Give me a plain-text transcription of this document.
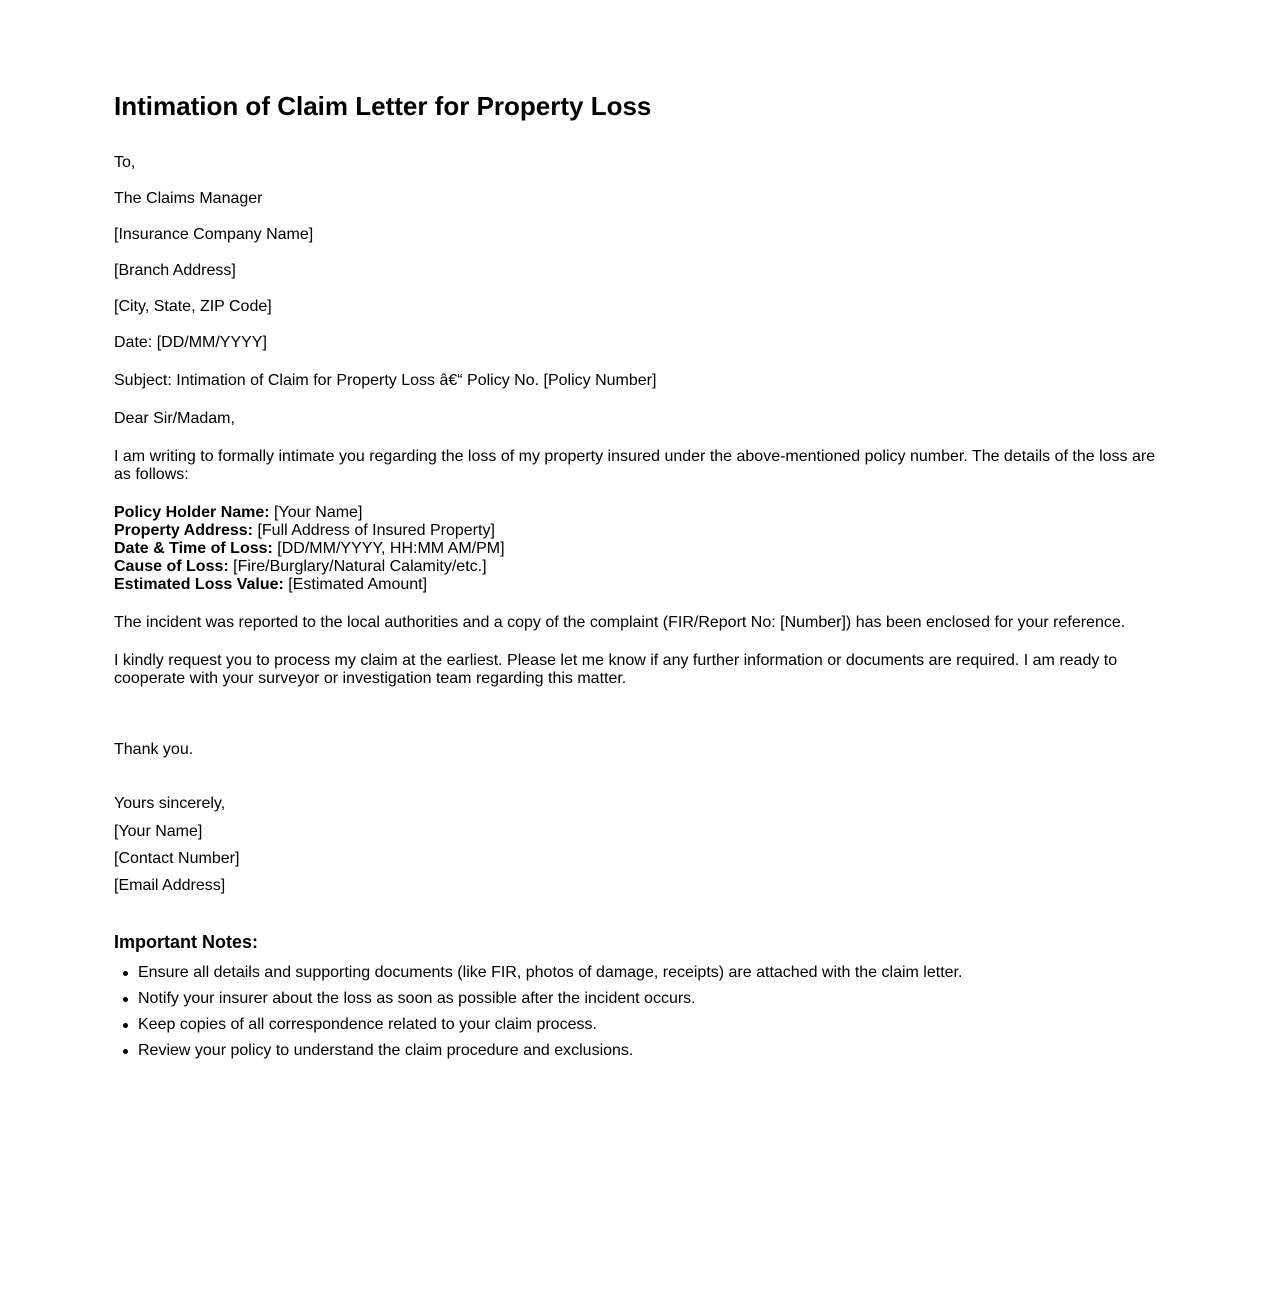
Intimation of Claim Letter for Property Loss

To,

The Claims Manager

[Insurance Company Name]

[Branch Address]

[City, State, ZIP Code]

Date: [DD/MM/YYYY]

Subject: Intimation of Claim for Property Loss â€“ Policy No. [Policy Number]

Dear Sir/Madam,

I am writing to formally intimate you regarding the loss of my property insured under the above-mentioned policy number. The details of the loss are as follows:

Policy Holder Name: [Your Name]
Property Address: [Full Address of Insured Property]
Date & Time of Loss: [DD/MM/YYYY, HH:MM AM/PM]
Cause of Loss: [Fire/Burglary/Natural Calamity/etc.]
Estimated Loss Value: [Estimated Amount]

The incident was reported to the local authorities and a copy of the complaint (FIR/Report No: [Number]) has been enclosed for your reference.

I kindly request you to process my claim at the earliest. Please let me know if any further information or documents are required. I am ready to cooperate with your surveyor or investigation team regarding this matter.

Thank you.

Yours sincerely,

[Your Name]

[Contact Number]

[Email Address]

Important Notes:
Ensure all details and supporting documents (like FIR, photos of damage, receipts) are attached with the claim letter.
Notify your insurer about the loss as soon as possible after the incident occurs.
Keep copies of all correspondence related to your claim process.
Review your policy to understand the claim procedure and exclusions.
